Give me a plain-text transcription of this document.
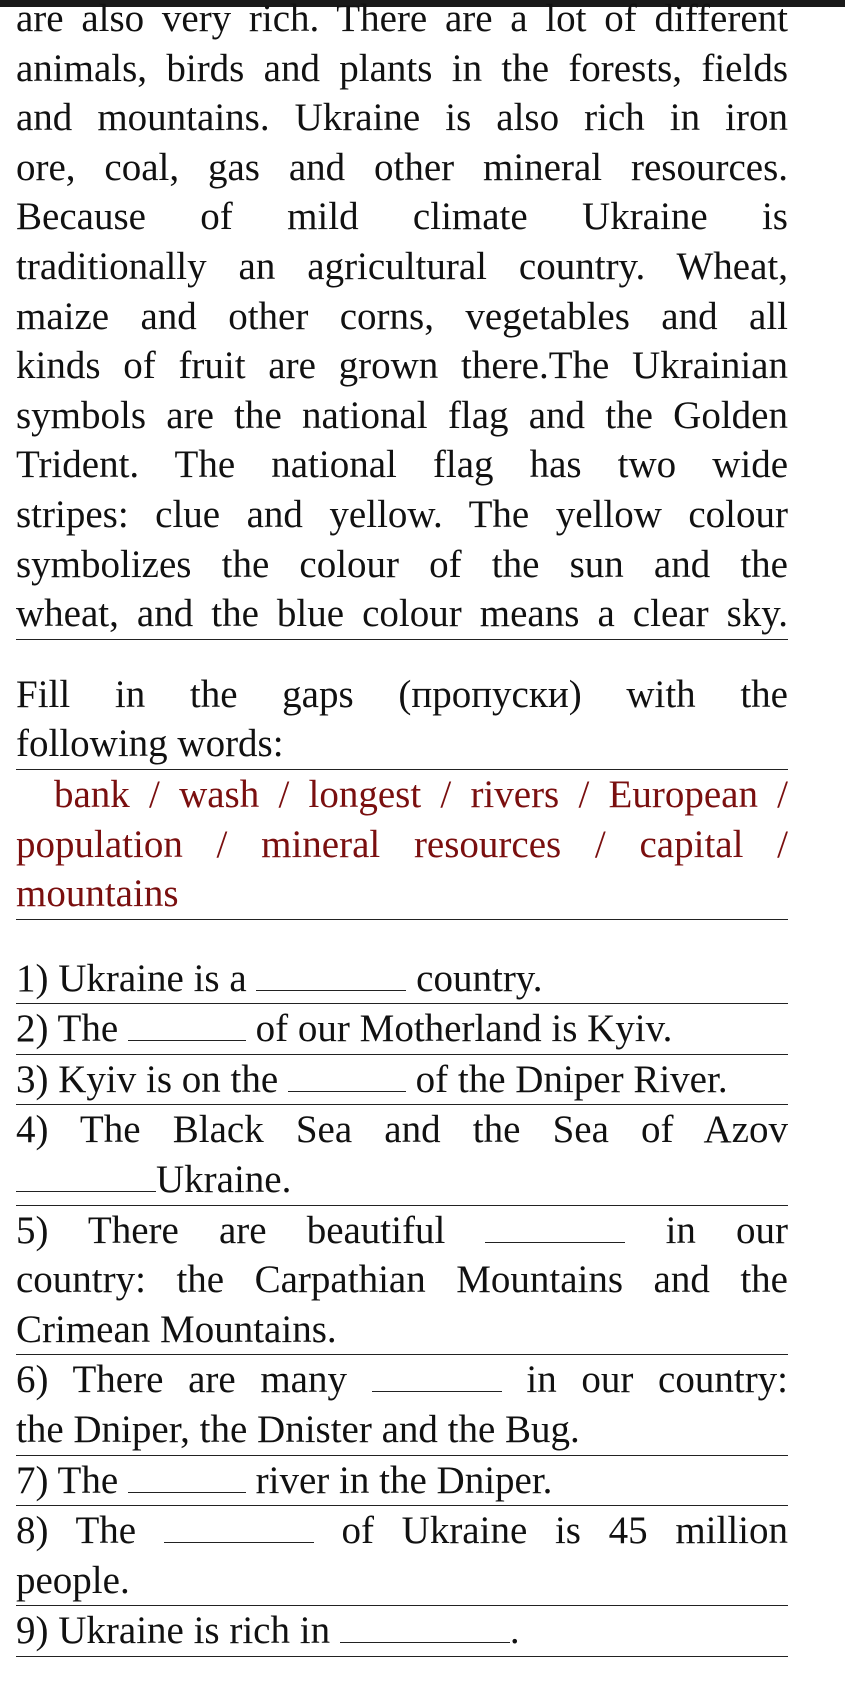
are also very rich. There are a lot of different
animals, birds and plants in the forests, fields
and mountains. Ukraine is also rich in iron
ore, coal, gas and other mineral resources.
Because of mild climate Ukraine is
traditionally an agricultural country. Wheat,
maize and other corns, vegetables and all
kinds of fruit are grown there.The Ukrainian
symbols are the national flag and the Golden
Trident. The national flag has two wide
stripes: clue and yellow. The yellow colour
symbolizes the colour of the sun and the
wheat, and the blue colour means a clear sky.
Fill in the gaps (пропуски) with the
following words:
bank / wash / longest / rivers / European /
population / mineral resources / capital /
mountains
1) Ukraine is a	country.
2) The	of our Motherland is Kyiv.
3) Kyiv is on the	of the Dniper River.
4) The Black Sea and the Sea of Azov
Ukraine.
5) There are beautiful	in our
country: the Carpathian Mountains and the
Crimean Mountains.
6) There are many	in our country:
the Dniper, the Dnister and the Bug.
7) The	river in the Dniper.
8) The	of Ukraine is 45 million
people.
9) Ukraine is rich in	.
